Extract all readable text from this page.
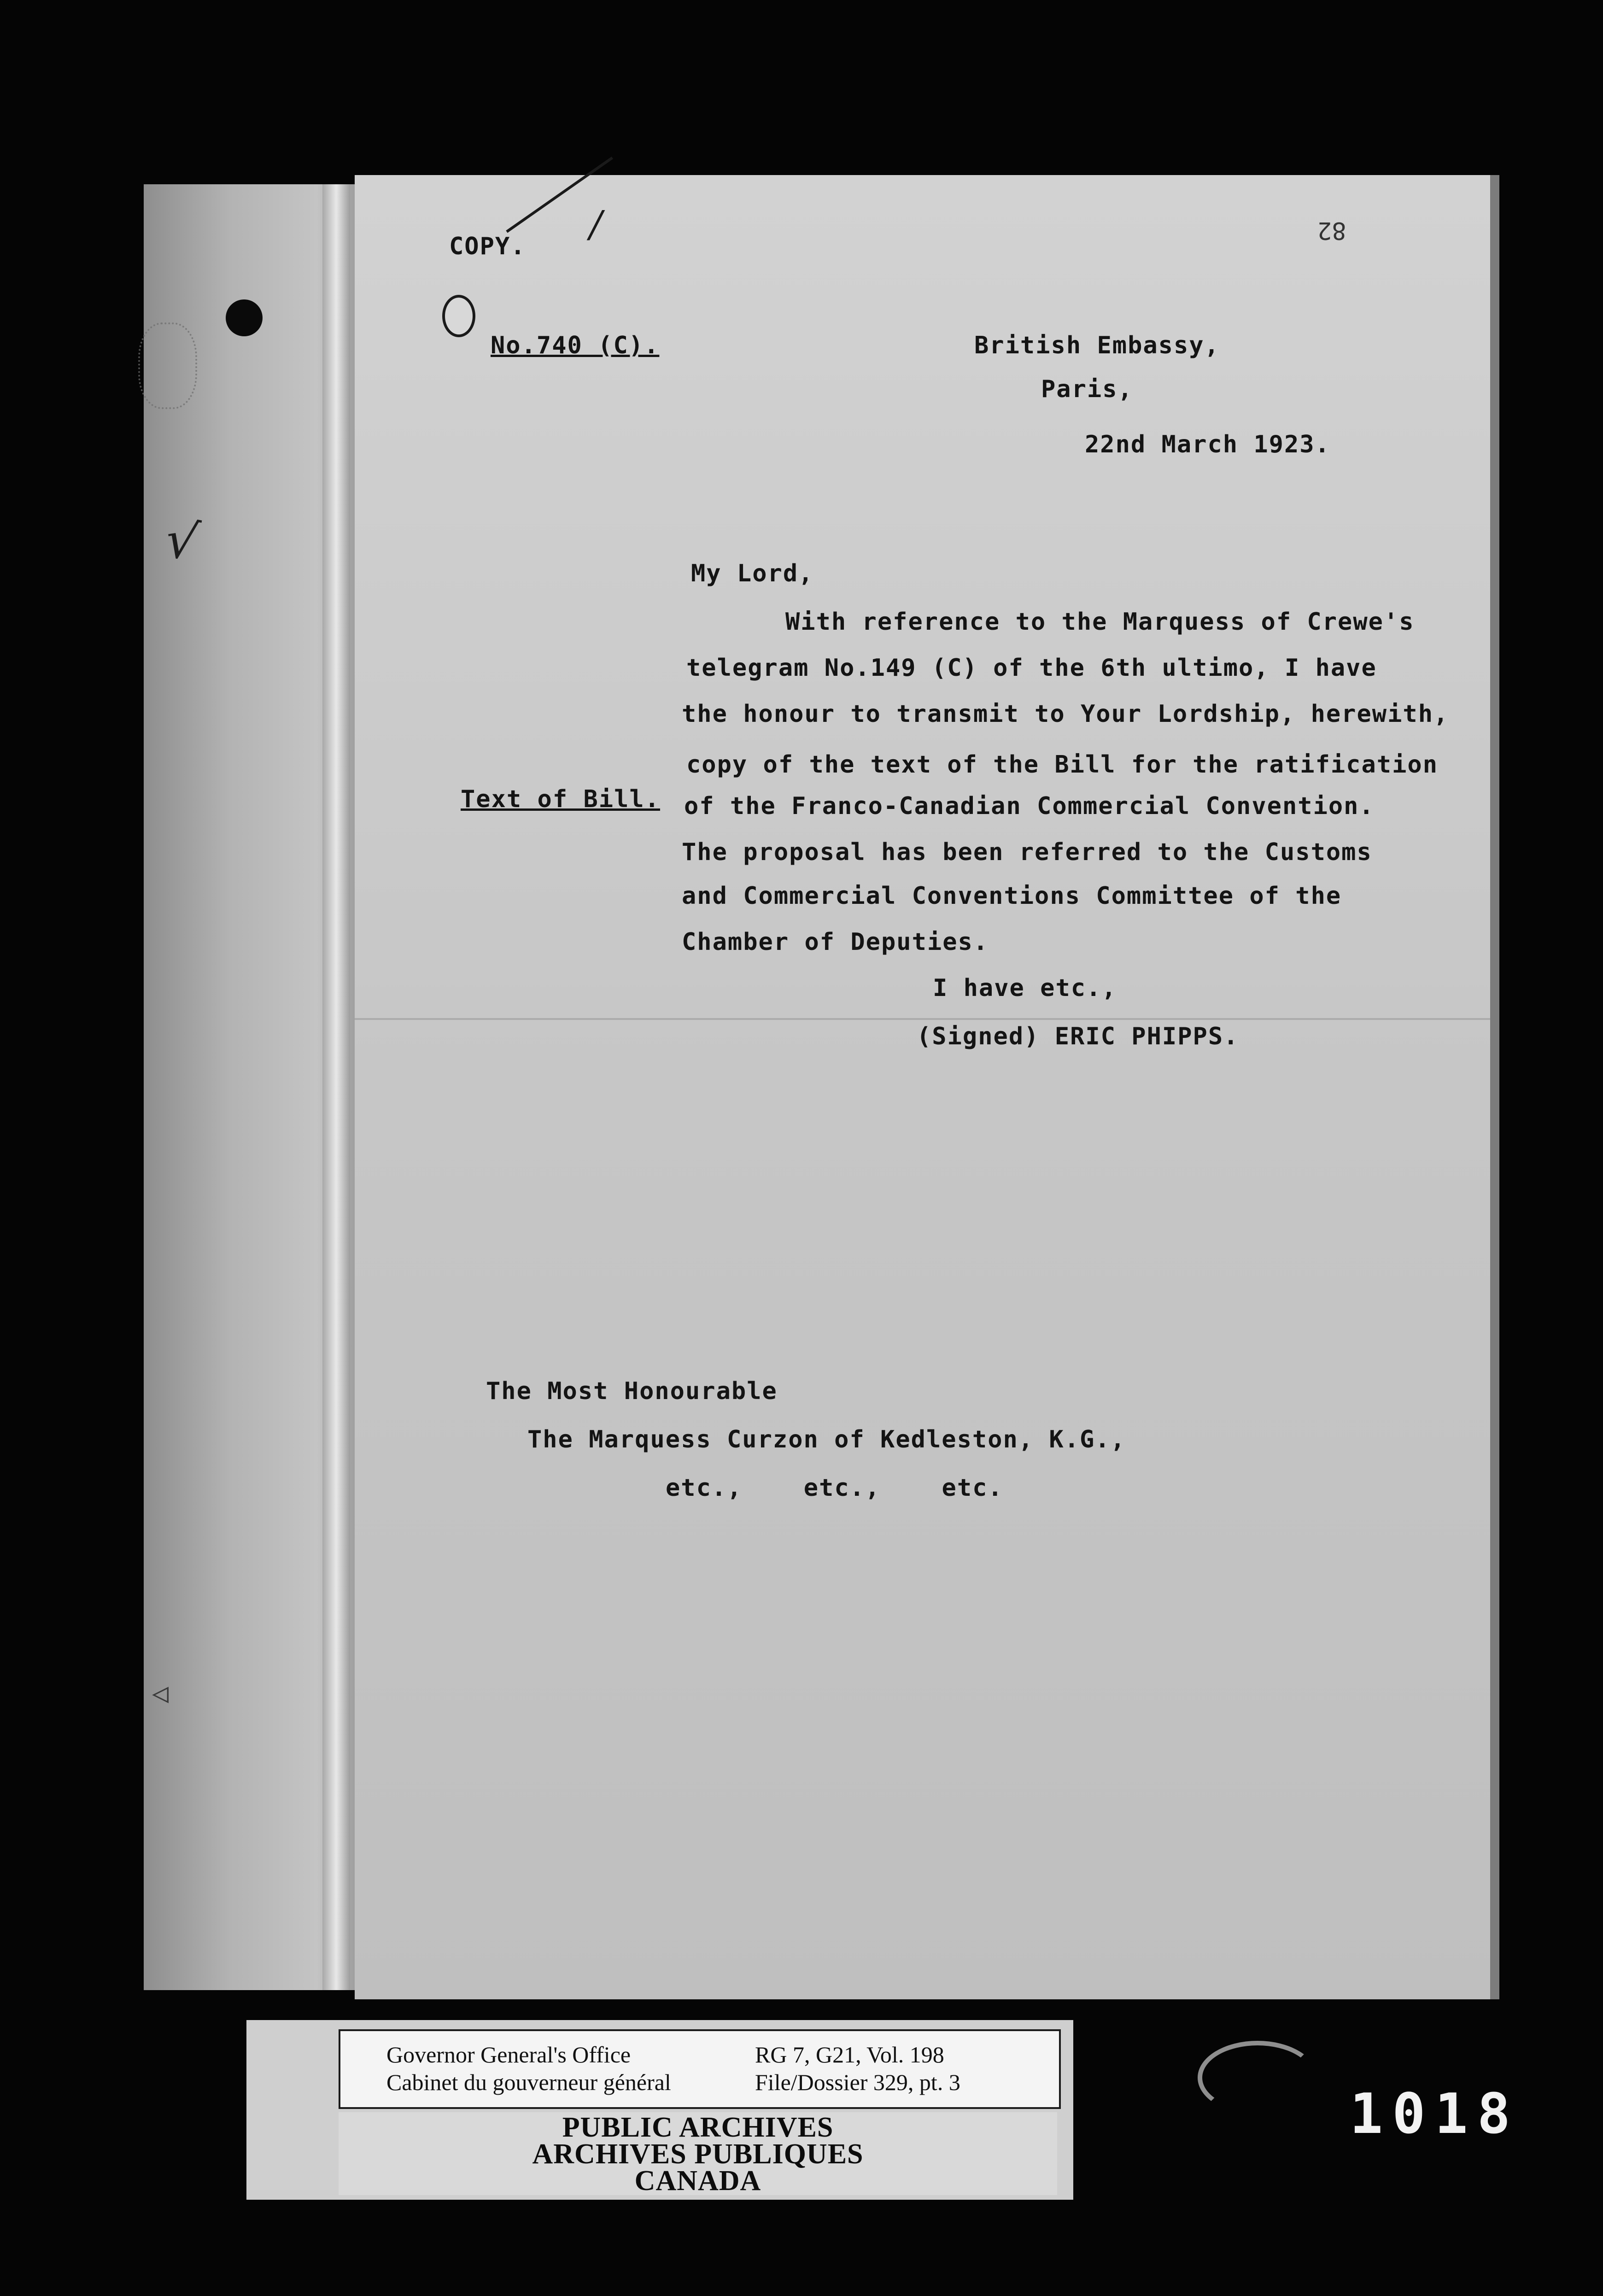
√
◁
COPY.
/	82
No.740 (C).	British Embassy,
Paris,
22nd March 1923.
My Lord,
With reference to the Marquess of Crewe's
telegram No.149 (C) of the 6th ultimo, I have
the honour to transmit to Your Lordship, herewith,
copy of the text of the Bill for the ratification
of the Franco-Canadian Commercial Convention.
The proposal has been referred to the Customs
and Commercial Conventions Committee of the
Chamber of Deputies.
Text of Bill.
I have etc.,
(Signed) ERIC PHIPPS.
The Most Honourable
The Marquess Curzon of Kedleston, K.G.,
etc.,    etc.,    etc.
Governor General's Office
Cabinet du gouverneur général
RG 7, G21, Vol. 198
File/Dossier 329, pt. 3
PUBLIC ARCHIVES
ARCHIVES PUBLIQUES
CANADA
1018
